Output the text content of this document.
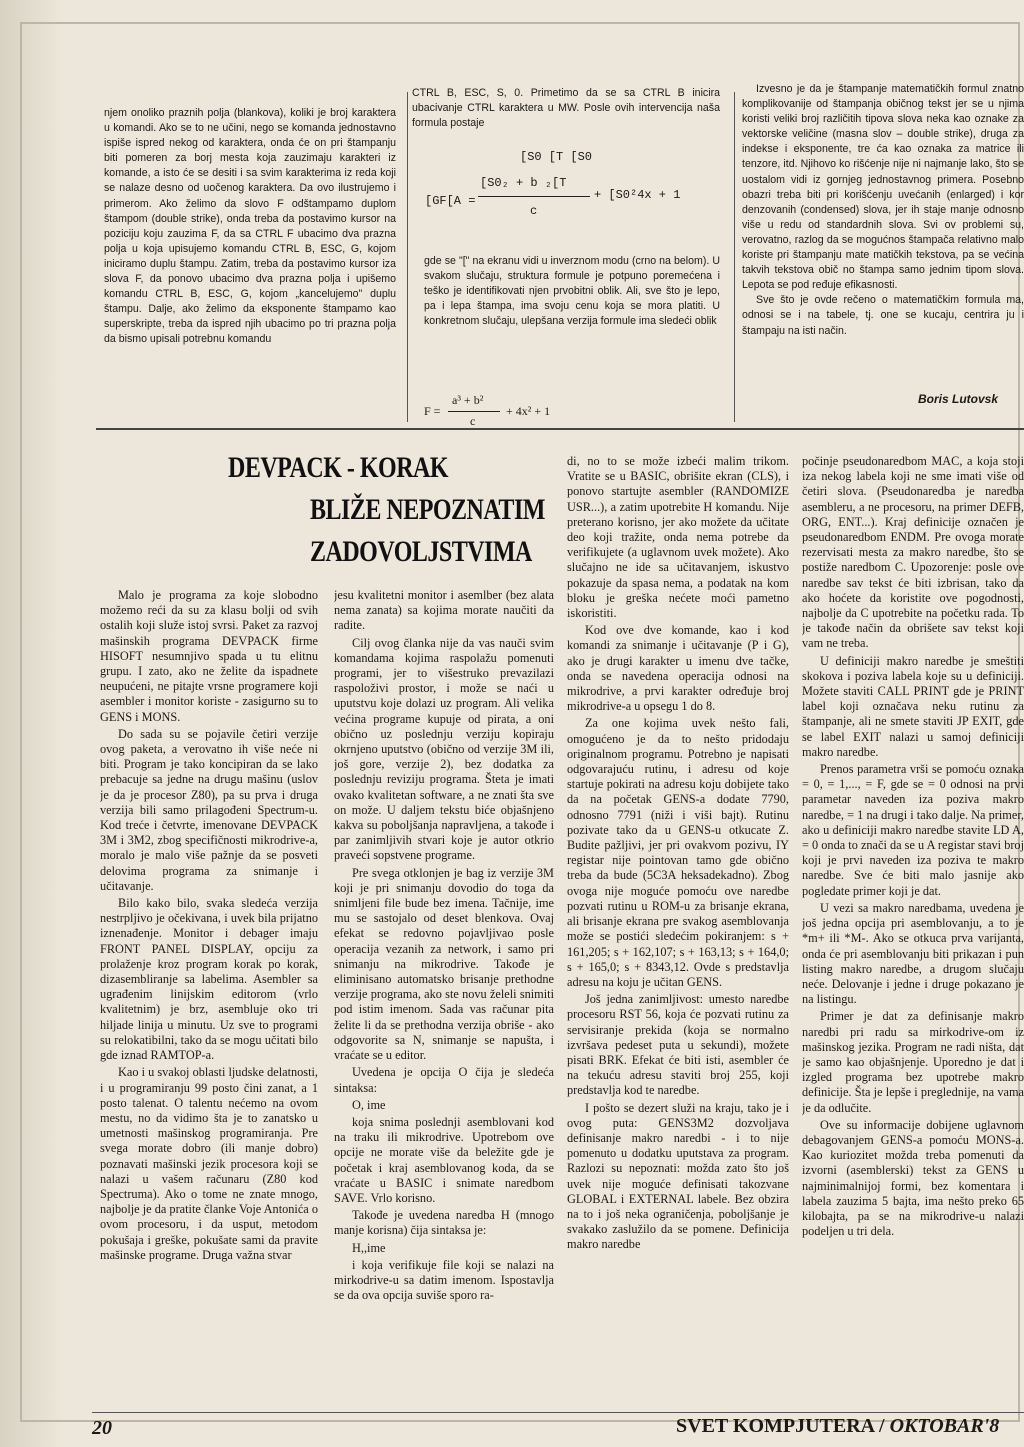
njem onoliko praznih polja (blankova), koliki je broj karaktera u komandi. Ako se to ne učini, nego se komanda jednostavno ispiše ispred nekog od karaktera, onda će on pri štampanju biti pomeren za borj mesta koja zauzimaju karakteri iz komande, a isto će se desiti i sa svim karakterima iz reda koji se nalaze desno od uočenog karaktera. Da ovo ilustrujemo i primerom. Ako želimo da slovo F odštampamo duplom štampom (double strike), onda treba da postavimo kursor na poziciju koju zauzima F, da sa CTRL F ubacimo dva prazna polja u koja upisujemo komandu CTRL B, ESC, G, kojom iniciramo duplu štampu. Zatim, treba da postavimo kursor iza slova F, da ponovo ubacimo dva prazna polja i upišemo komandu CTRL B, ESC, G, kojom „kancelujemo" duplu štampu. Dalje, ako želimo da eksponente štampamo kao superskripte, treba da ispred njih ubacimo po tri prazna polja da bismo upisali potrebnu komandu

CTRL B, ESC, S, 0. Primetimo da se sa CTRL B inicira ubacivanje CTRL karaktera u MW. Posle ovih intervencija naša formula postaje

[S0 [T [S0
[GF[A =
[S0₂ + b ₂[T
c
+ [S0²4x + 1

gde se "[" na ekranu vidi u inverznom modu (crno na belom). U svakom slučaju, struktura formule je potpuno poremećena i teško je identifikovati njen prvobitni oblik. Ali, sve što je lepo, pa i lepa štampa, ima svoju cenu koja se mora platiti. U konkretnom slučaju, ulepšana verzija formule ima sledeći oblik

F =
a³ + b²
c
+ 4x² + 1

Izvesno je da je štampanje matematičkih formul znatno komplikovanije od štampanja običnog tekst jer se u njima koristi veliki broj različitih tipova slova neka kao oznake za vektorske veličine (masna slov – double strike), druga za indekse i eksponente, tre ća kao oznaka za matrice ili tenzore, itd. Njihovo ko rišćenje nije ni najmanje lako, što se uostalom vidi iz gornjeg jednostavnog primera. Posebno obazri treba biti pri korišćenju uvećanih (enlarged) i kor denzovanih (condensed) slova, jer ih staje manje odnosno više u redu od standardnih slova. Svi ov problemi su, verovatno, razlog da se mogućnos štampača relativno malo koriste pri štampanju mate matičkih tekstova, pa se većina takvih tekstova obič no štampa samo jednim tipom slova. Lepota se pod ređuje efikasnosti.

Sve što je ovde rečeno o matematičkim formula ma, odnosi se i na tabele, tj. one se kucaju, centrira ju i štampaju na isti način.

Boris Lutovsk
DEVPACK - KORAK
BLIŽE NEPOZNATIM
ZADOVOLJSTVIMA

Malo je programa za koje slobodno možemo reći da su za klasu bolji od svih ostalih koji služe istoj svrsi. Paket za razvoj mašinskih programa DEVPACK firme HISOFT nesumnjivo spada u tu elitnu grupu. I zato, ako ne želite da ispadnete neupućeni, ne pitajte vrsne programere koji asembler i monitor koriste - zasigurno su to GENS i MONS.

Do sada su se pojavile četiri verzije ovog paketa, a verovatno ih više neće ni biti. Program je tako koncipiran da se lako prebacuje sa jedne na drugu mašinu (uslov je da je procesor Z80), pa su prva i druga verzija bili samo prilagođeni Spectrum-u. Kod treće i četvrte, imenovane DEVPACK 3M i 3M2, zbog specifičnosti mikrodrive-a, moralo je malo više pažnje da se posveti delovima programa za snimanje i učitavanje.

Bilo kako bilo, svaka sledeća verzija nestrpljivo je očekivana, i uvek bila prijatno iznenađenje. Monitor i debager imaju FRONT PANEL DISPLAY, opciju za prolaženje kroz program korak po korak, dizasembliranje sa labelima. Asembler sa ugrađenim linijskim editorom (vrlo kvalitetnim) je brz, asembluje oko tri hiljade linija u minutu. Uz sve to programi su relokatibilni, tako da se mogu učitati bilo gde iznad RAMTOP-a.

Kao i u svakoj oblasti ljudske delatnosti, i u programiranju 99 posto čini zanat, a 1 posto talenat. O talentu nećemo na ovom mestu, no da vidimo šta je to zanatsko u umetnosti mašinskog programiranja. Pre svega morate dobro (ili manje dobro) poznavati mašinski jezik procesora koji se nalazi u vašem računaru (Z80 kod Spectruma). Ako o tome ne znate mnogo, najbolje je da pratite članke Voje Antonića o ovom procesoru, i da usput, metodom pokušaja i greške, pokušate sami da pravite mašinske programe. Druga važna stvar

jesu kvalitetni monitor i asemlber (bez alata nema zanata) sa kojima morate naučiti da radite.

Cilj ovog članka nije da vas nauči svim komandama kojima raspolažu pomenuti programi, jer to višestruko prevazilazi raspoloživi prostor, i može se naći u uputstvu koje dolazi uz program. Ali velika većina programe kupuje od pirata, a oni obično uz poslednju verziju kopiraju okrnjeno uputstvo (obično od verzije 3M ili, još gore, verzije 2), bez dodatka za poslednju reviziju programa. Šteta je imati ovako kvalitetan software, a ne znati šta sve on može. U daljem tekstu biće objašnjeno kakva su poboljšanja napravljena, a takođe i par zanimljivih stvari koje je autor otkrio praveći sopstvene programe.

Pre svega otklonjen je bag iz verzije 3M koji je pri snimanju dovodio do toga da snimljeni file bude bez imena. Tačnije, ime mu se sastojalo od deset blenkova. Ovaj efekat se redovno pojavljivao posle operacija vezanih za network, i samo pri snimanju na mikrodrive. Takođe je eliminisano automatsko brisanje prethodne verzije programa, ako ste novu želeli snimiti pod istim imenom. Sada vas računar pita želite li da se prethodna verzija obriše - ako odgovorite sa N, snimanje se napušta, i vraćate se u editor.

Uvedena je opcija O čija je sledeća sintaksa:

O, ime

koja snima poslednji asemblovani kod na traku ili mikrodrive. Upotrebom ove opcije ne morate više da beležite gde je početak i kraj asemblovanog koda, da se vraćate u BASIC i snimate naredbom SAVE. Vrlo korisno.

Takođe je uvedena naredba H (mnogo manje korisna) čija sintaksa je:

H,,ime

i koja verifikuje file koji se nalazi na mirkodrive-u sa datim imenom. Ispostavlja se da ova opcija suviše sporo ra-

di, no to se može izbeći malim trikom. Vratite se u BASIC, obrišite ekran (CLS), i ponovo startujte asembler (RANDOMIZE USR...), a zatim upotrebite H komandu. Nije preterano korisno, jer ako možete da učitate deo koji tražite, onda nema potrebe da verifikujete (a uglavnom uvek možete). Ako slučajno ne ide sa učitavanjem, iskustvo pokazuje da spasa nema, a podatak na kom bloku je greška nećete moći pametno iskoristiti.

Kod ove dve komande, kao i kod komandi za snimanje i učitavanje (P i G), ako je drugi karakter u imenu dve tačke, onda se navedena operacija odnosi na mikrodrive, a prvi karakter određuje broj mikrodrive-a u opsegu 1 do 8.

Za one kojima uvek nešto fali, omogućeno je da to nešto pridodaju originalnom programu. Potrebno je napisati odgovarajuću rutinu, i adresu od koje startuje pokirati na adresu koju dobijete tako da na početak GENS-a dodate 7790, odnosno 7791 (niži i viši bajt). Rutinu pozivate tako da u GENS-u otkucate Z. Budite pažljivi, jer pri ovakvom pozivu, IY registar nije pointovan tamo gde obično treba da bude (5C3A heksadekadno). Zbog ovoga nije moguće pomoću ove naredbe pozvati rutinu u ROM-u za brisanje ekrana, ali brisanje ekrana pre svakog asemblovanja može se postići sledećim pokiranjem: s + 161,205; s + 162,107; s + 163,13; s + 164,0; s + 165,0; s + 8343,12. Ovde s predstavlja adresu na koju je učitan GENS.

Još jedna zanimljivost: umesto naredbe procesoru RST 56, koja će pozvati rutinu za servisiranje prekida (koja se normalno izvršava pedeset puta u sekundi), možete pisati BRK. Efekat će biti isti, asembler će na tekuću adresu staviti broj 255, koji predstavlja kod te naredbe.

I pošto se dezert služi na kraju, tako je i ovog puta: GENS3M2 dozvoljava definisanje makro naredbi - i to nije pomenuto u dodatku uputstava za program. Razlozi su nepoznati: možda zato što još uvek nije moguće definisati takozvane GLOBAL i EXTERNAL labele. Bez obzira na to i još neka ograničenja, poboljšanje je svakako zaslužilo da se pomene. Definicija makro naredbe

počinje pseudonaredbom MAC, a koja stoji iza nekog labela koji ne sme imati više od četiri slova. (Pseudonaredba je naredba asembleru, a ne procesoru, na primer DEFB, ORG, ENT...). Kraj definicije označen je pseudonaredbom ENDM. Pre ovoga morate rezervisati mesta za makro naredbe, što se postiže naredbom C. Upozorenje: posle ove naredbe sav tekst će biti izbrisan, tako da ako hoćete da koristite ove pogodnosti, najbolje da C upotrebite na početku rada. To je takođe način da obrišete sav tekst koji vam ne treba.

U definiciji makro naredbe je smeštiti skokova i poziva labela koje su u definiciji. Možete staviti CALL PRINT gde je PRINT label koji označava neku rutinu za štampanje, ali ne smete staviti JP EXIT, gde se label EXIT nalazi u samoj definiciji makro naredbe.

Prenos parametra vrši se pomoću oznaka = 0, = 1,..., = F, gde se = 0 odnosi na prvi parametar naveden iza poziva makro naredbe, = 1 na drugi i tako dalje. Na primer, ako u definiciji makro naredbe stavite LD A, = 0 onda to znači da se u A registar stavi broj koji je prvi naveden iza poziva te makro naredbe. Sve će biti malo jasnije ako pogledate primer koji je dat.

U vezi sa makro naredbama, uvedena je još jedna opcija pri asemblovanju, a to je *m+ ili *M-. Ako se otkuca prva varijanta, onda će pri asemblovanju biti prikazan i pun listing makro naredbe, a drugom slučaju neće. Delovanje i jedne i druge pokazano je na listingu.

Primer je dat za definisanje makro naredbi pri radu sa mirkodrive-om iz mašinskog jezika. Program ne radi ništa, dat je samo kao objašnjenje. Uporedno je dat i izgled programa bez upotrebe makro definicije. Šta je lepše i preglednije, na vama je da odlučite.

Ove su informacije dobijene uglavnom debagovanjem GENS-a pomoću MONS-a. Kao kuriozitet možda treba pomenuti da izvorni (asemblerski) tekst za GENS u najminimalnijoj formi, bez komentara i labela zauzima 5 bajta, ima nešto preko 65 kilobajta, pa se na mikrodrive-u nalazi podeljen u tri dela.

20	SVET KOMPJUTERA / OKTOBAR'8
